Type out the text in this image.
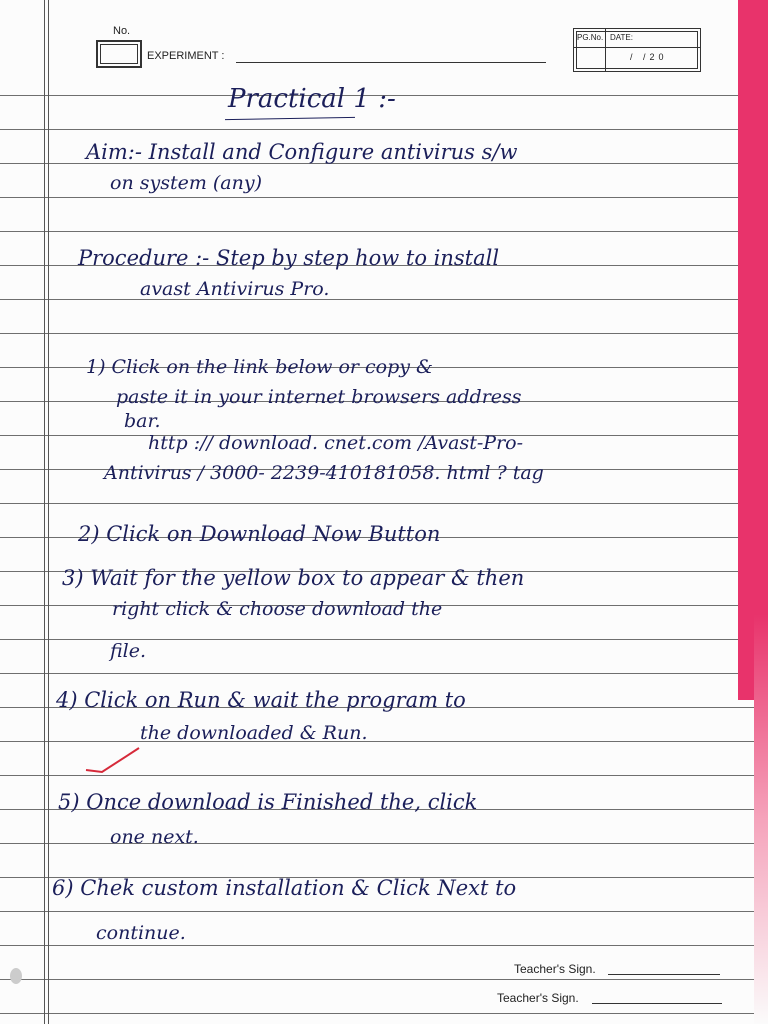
No.
EXPERIMENT :
PG.No. DATE:
/ /20
Practical 1 :-
Aim:- Install and Configure antivirus s/w
on system (any)
Procedure :- Step by step how to install
avast Antivirus Pro.
1) Click on the link below or copy &
paste it in your internet browsers address
bar.
http :// download. cnet.com /Avast-Pro-
Antivirus / 3000- 2239-410181058. html ? tag
2) Click on Download Now Button
3) Wait for the yellow box to appear & then
right click & choose download the
file.
4) Click on Run & wait the program to
the downloaded & Run.
5) Once download is Finished the, click
one next.
6) Chek custom installation & Click Next to
continue.
Teacher's Sign.
Teacher's Sign.
